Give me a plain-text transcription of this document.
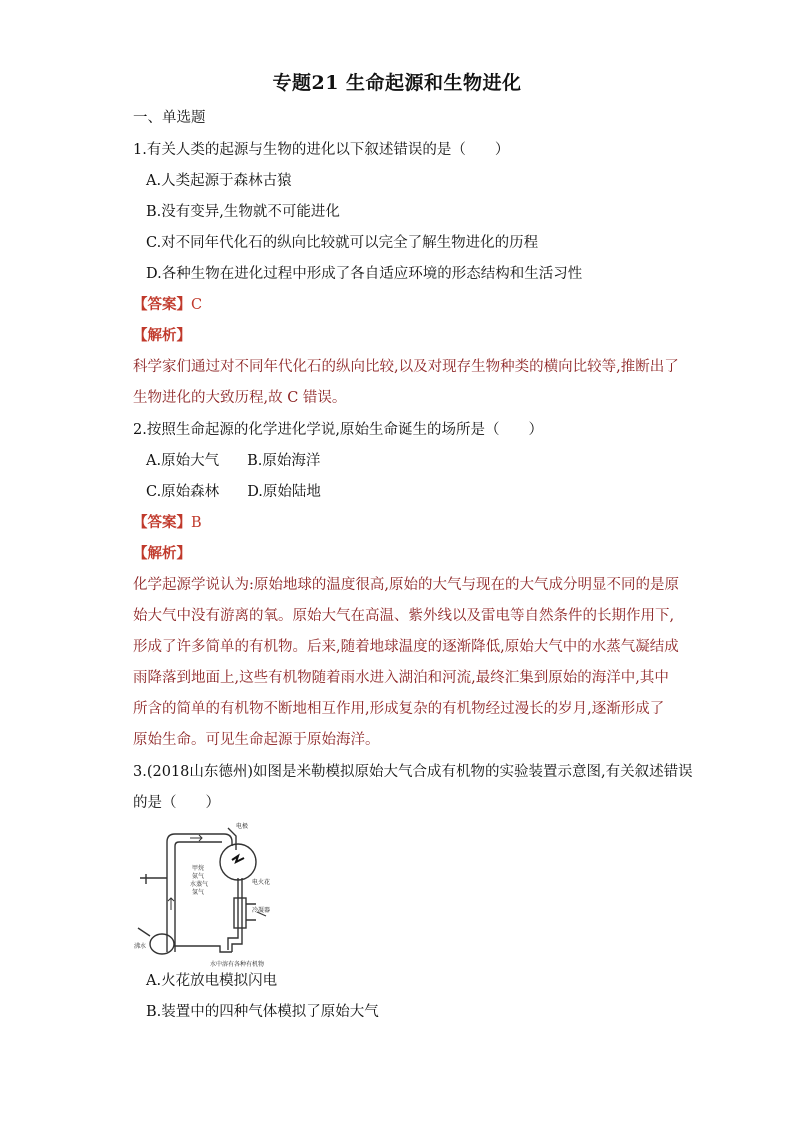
专题21 生命起源和生物进化
一、单选题
1.有关人类的起源与生物的进化以下叙述错误的是（　　）
A.人类起源于森林古猿
B.没有变异,生物就不可能进化
C.对不同年代化石的纵向比较就可以完全了解生物进化的历程
D.各种生物在进化过程中形成了各自适应环境的形态结构和生活习性
【答案】C
【解析】
科学家们通过对不同年代化石的纵向比较,以及对现存生物种类的横向比较等,推断出了
生物进化的大致历程,故 C 错误。
2.按照生命起源的化学进化学说,原始生命诞生的场所是（　　）
A.原始大气 B.原始海洋
C.原始森林 D.原始陆地
【答案】B
【解析】
化学起源学说认为:原始地球的温度很高,原始的大气与现在的大气成分明显不同的是原
始大气中没有游离的氧。原始大气在高温、紫外线以及雷电等自然条件的长期作用下,
形成了许多简单的有机物。后来,随着地球温度的逐渐降低,原始大气中的水蒸气凝结成
雨降落到地面上,这些有机物随着雨水进入湖泊和河流,最终汇集到原始的海洋中,其中
所含的简单的有机物不断地相互作用,形成复杂的有机物经过漫长的岁月,逐渐形成了
原始生命。可见生命起源于原始海洋。
3.(2018山东德州)如图是米勒模拟原始大气合成有机物的实验装置示意图,有关叙述错误
的是（　　）
电极
甲烷
氨气
水蒸气
氢气
电火花
冷凝器
沸水
水中溶有各种有机物
A.火花放电模拟闪电
B.装置中的四种气体模拟了原始大气
